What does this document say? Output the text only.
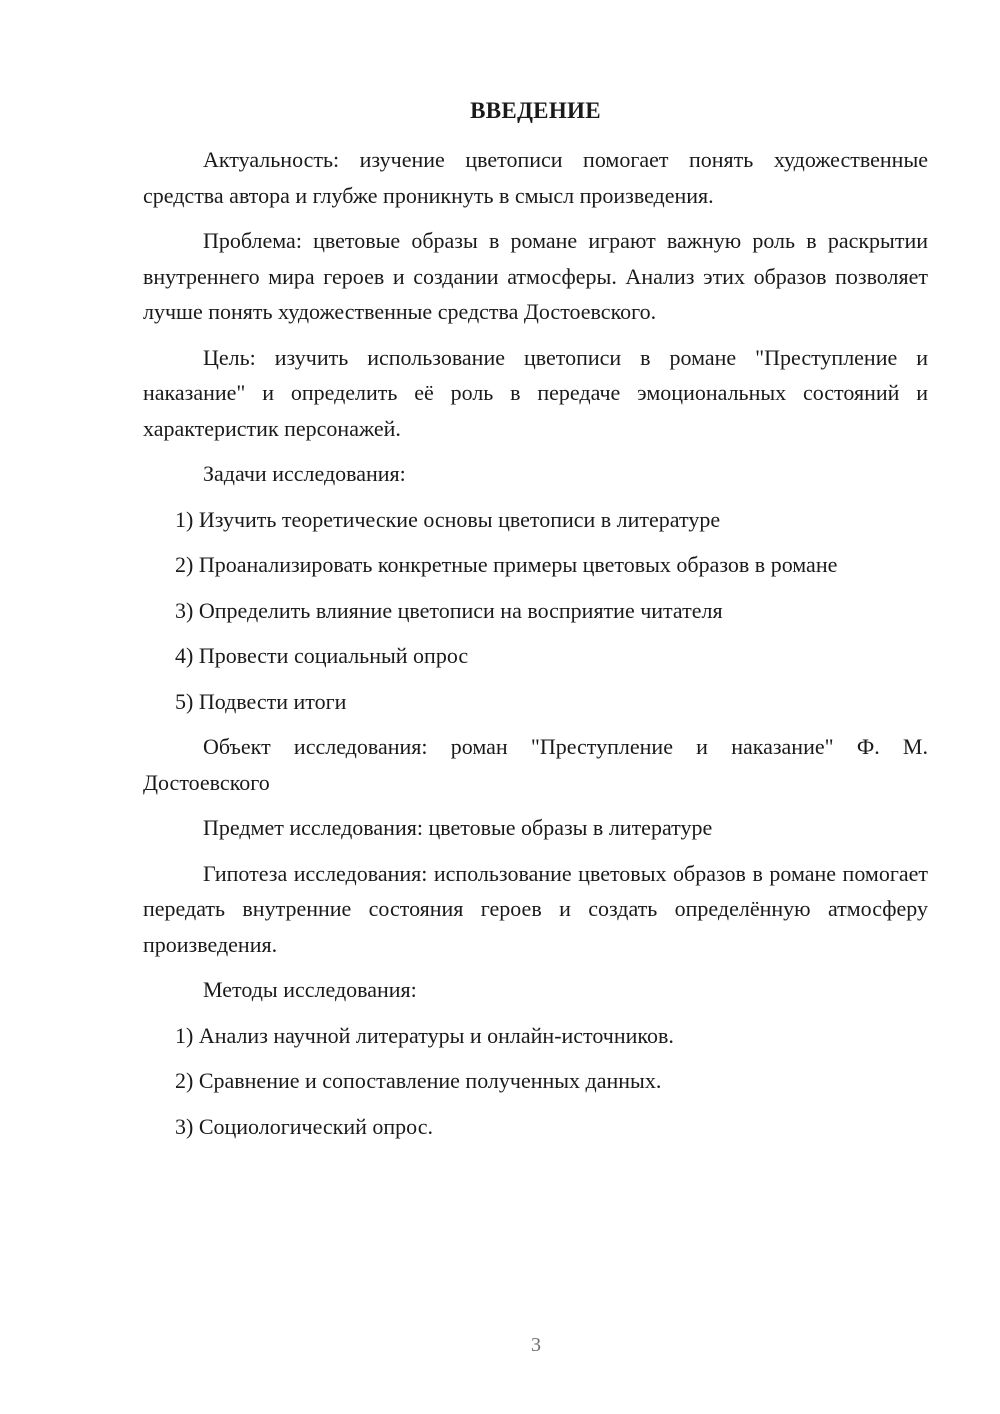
ВВЕДЕНИЕ

Актуальность: изучение цветописи помогает понять художественные средства автора и глубже проникнуть в смысл произведения.

Проблема: цветовые образы в романе играют важную роль в раскрытии внутреннего мира героев и создании атмосферы. Анализ этих образов позволяет лучше понять художественные средства Достоевского.

Цель: изучить использование цветописи в романе "Преступление и наказание" и определить её роль в передаче эмоциональных состояний и характеристик персонажей.

Задачи исследования:

1) Изучить теоретические основы цветописи в литературе

2) Проанализировать конкретные примеры цветовых образов в романе

3) Определить влияние цветописи на восприятие читателя

4) Провести социальный опрос

5) Подвести итоги

Объект исследования: роман "Преступление и наказание" Ф. М. Достоевского

Предмет исследования: цветовые образы в литературе

Гипотеза исследования: использование цветовых образов в романе помогает передать внутренние состояния героев и создать определённую атмосферу произведения.

Методы исследования:

1) Анализ научной литературы и онлайн-источников.

2) Сравнение и сопоставление полученных данных.

3) Социологический опрос.

3
